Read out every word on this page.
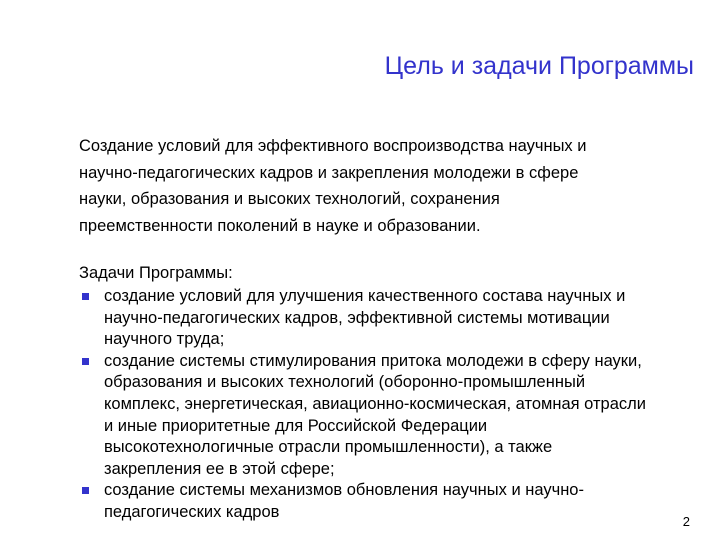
Цель и задачи Программы
Создание условий для эффективного воспроизводства научных и
научно-педагогических кадров и закрепления молодежи в сфере
науки, образования и высоких технологий, сохранения
преемственности поколений в науке и образовании.
Задачи Программы:
создание условий для улучшения качественного состава научных и
научно-педагогических кадров, эффективной системы мотивации
научного труда;
создание системы стимулирования притока молодежи в сферу науки,
образования и высоких технологий (оборонно-промышленный
комплекс, энергетическая, авиационно-космическая, атомная отрасли
и иные приоритетные для Российской Федерации
высокотехнологичные отрасли промышленности), а также
закрепления ее в этой сфере;
создание системы механизмов обновления научных и научно-
педагогических кадров
2
